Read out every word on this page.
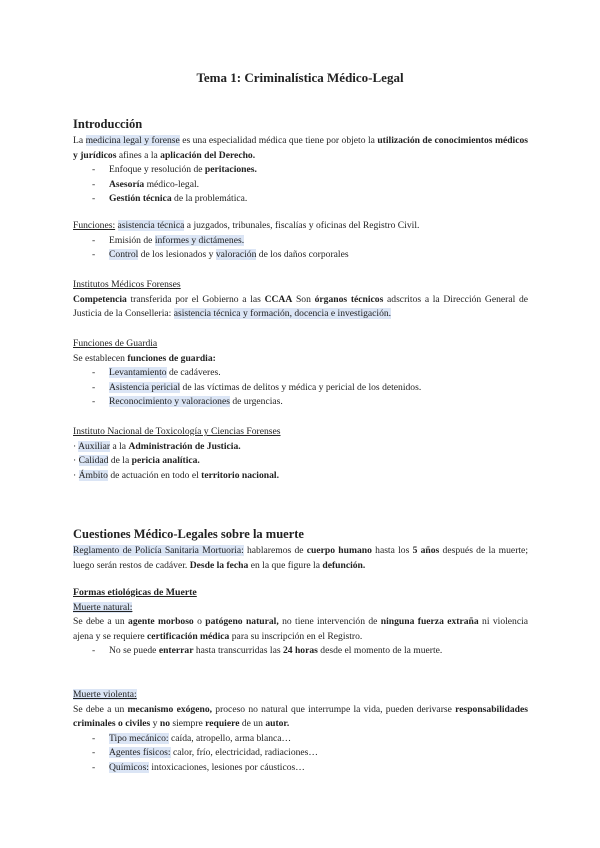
Tema 1: Criminalística Médico-Legal
Introducción

La medicina legal y forense es una especialidad médica que tiene por objeto la utilización de conocimientos médicos y jurídicos afines a la aplicación del Derecho.

- Enfoque y resolución de peritaciones.
- Asesoría médico-legal.
- Gestión técnica de la problemática.

Funciones: asistencia técnica a juzgados, tribunales, fiscalías y oficinas del Registro Civil.

- Emisión de informes y dictámenes.
- Control de los lesionados y valoración de los daños corporales
Institutos Médicos Forenses

Competencia transferida por el Gobierno a las CCAA Son órganos técnicos adscritos a la Dirección General de Justicia de la Conselleria: asistencia técnica y formación, docencia e investigación.

Funciones de Guardia
Se establecen funciones de guardia:
- Levantamiento de cadáveres.
- Asistencia pericial de las víctimas de delitos y médica y pericial de los detenidos.
- Reconocimiento y valoraciones de urgencias.
Instituto Nacional de Toxicología y Ciencias Forenses
· Auxiliar a la Administración de Justicia.
· Calidad de la pericia analítica.
· Ámbito de actuación en todo el territorio nacional.
Cuestiones Médico-Legales sobre la muerte

Reglamento de Policía Sanitaria Mortuoria: hablaremos de cuerpo humano hasta los 5 años después de la muerte; luego serán restos de cadáver. Desde la fecha en la que figure la defunción.

Formas etiológicas de Muerte
Muerte natural:

Se debe a un agente morboso o patógeno natural, no tiene intervención de ninguna fuerza extraña ni violencia ajena y se requiere certificación médica para su inscripción en el Registro.

- No se puede enterrar hasta transcurridas las 24 horas desde el momento de la muerte.
Muerte violenta:

Se debe a un mecanismo exógeno, proceso no natural que interrumpe la vida, pueden derivarse responsabilidades criminales o civiles y no siempre requiere de un autor.

- Tipo mecánico: caída, atropello, arma blanca…
- Agentes físicos: calor, frío, electricidad, radiaciones…
- Químicos: intoxicaciones, lesiones por cáusticos…
